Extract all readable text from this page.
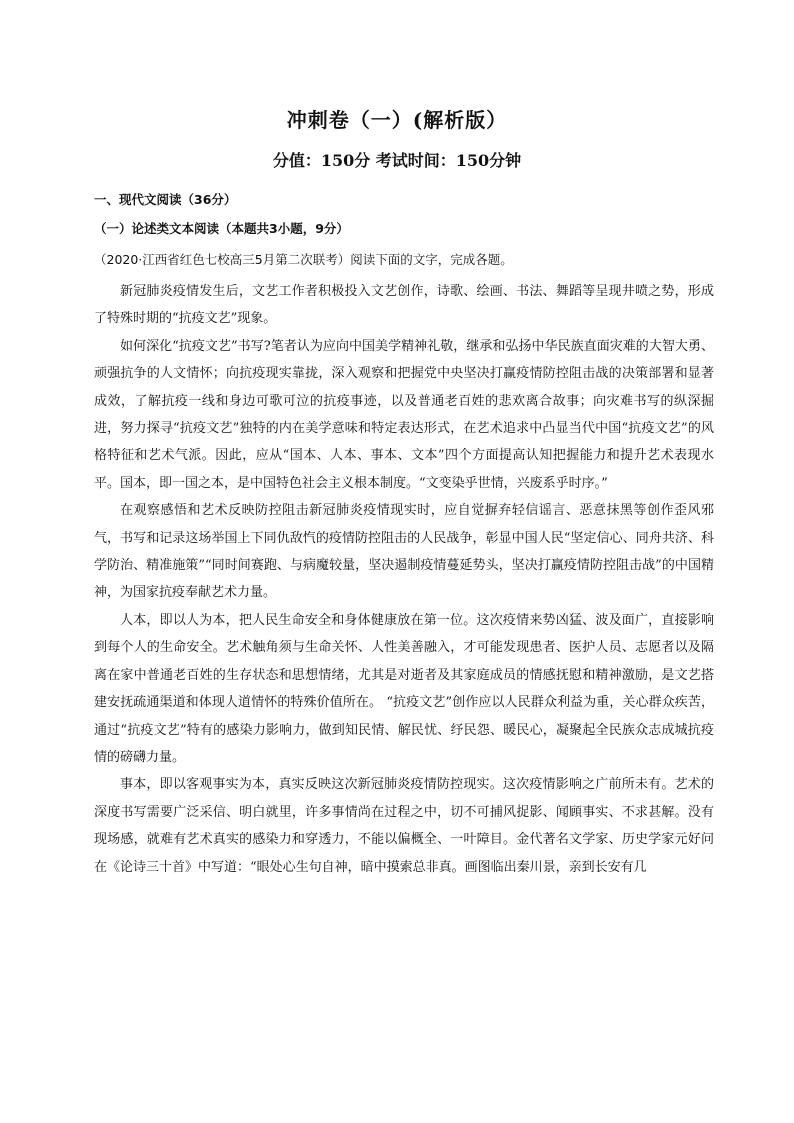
冲刺卷（一）(解析版）
分值：150分 考试时间：150分钟
一、现代文阅读（36分）
（一）论述类文本阅读（本题共3小题，9分）
（2020·江西省红色七校高三5月第二次联考）阅读下面的文字，完成各题。

新冠肺炎疫情发生后，文艺工作者积极投入文艺创作，诗歌、绘画、书法、舞蹈等呈现井喷之势，形成了特殊时期的“抗疫文艺”现象。

如何深化“抗疫文艺”书写?笔者认为应向中国美学精神礼敬，继承和弘扬中华民族直面灾难的大智大勇、顽强抗争的人文情怀；向抗疫现实靠拢，深入观察和把握党中央坚决打赢疫情防控阻击战的决策部署和显著成效，了解抗疫一线和身边可歌可泣的抗疫事迹，以及普通老百姓的悲欢离合故事；向灾难书写的纵深掘进，努力探寻“抗疫文艺”独特的内在美学意味和特定表达形式，在艺术追求中凸显当代中国“抗疫文艺”的风格特征和艺术气派。因此，应从“国本、人本、事本、文本”四个方面提高认知把握能力和提升艺术表现水平。国本，即一国之本，是中国特色社会主义根本制度。“文变染乎世情，兴废系乎时序。”

在观察感悟和艺术反映防控阻击新冠肺炎疫情现实时，应自觉摒弃轻信谣言、恶意抹黑等创作歪风邪气，书写和记录这场举国上下同仇敌忾的疫情防控阻击的人民战争，彰显中国人民“坚定信心、同舟共济、科学防治、精准施策”“同时间赛跑、与病魔较量，坚决遏制疫情蔓延势头，坚决打赢疫情防控阻击战”的中国精神，为国家抗疫奉献艺术力量。

人本，即以人为本，把人民生命安全和身体健康放在第一位。这次疫情来势凶猛、波及面广，直接影响到每个人的生命安全。艺术触角须与生命关怀、人性美善融入，才可能发现患者、医护人员、志愿者以及隔离在家中普通老百姓的生存状态和思想情绪，尤其是对逝者及其家庭成员的情感抚慰和精神激励，是文艺搭建安抚疏通渠道和体现人道情怀的特殊价值所在。 “抗疫文艺”创作应以人民群众利益为重，关心群众疾苦，通过“抗疫文艺”特有的感染力影响力，做到知民情、解民忧、纾民怨、暖民心，凝聚起全民族众志成城抗疫情的磅礴力量。

事本，即以客观事实为本，真实反映这次新冠肺炎疫情防控现实。这次疫情影响之广前所未有。艺术的深度书写需要广泛采信、明白就里，许多事情尚在过程之中，切不可捕风捉影、闻頋事实、不求甚解。没有现场感，就难有艺术真实的感染力和穿透力，不能以偏概全、一叶障目。金代著名文学家、历史学家元好问在《论诗三十首》中写道：“眼处心生句自神，暗中摸索总非真。画图临出秦川景，亲到长安有几
